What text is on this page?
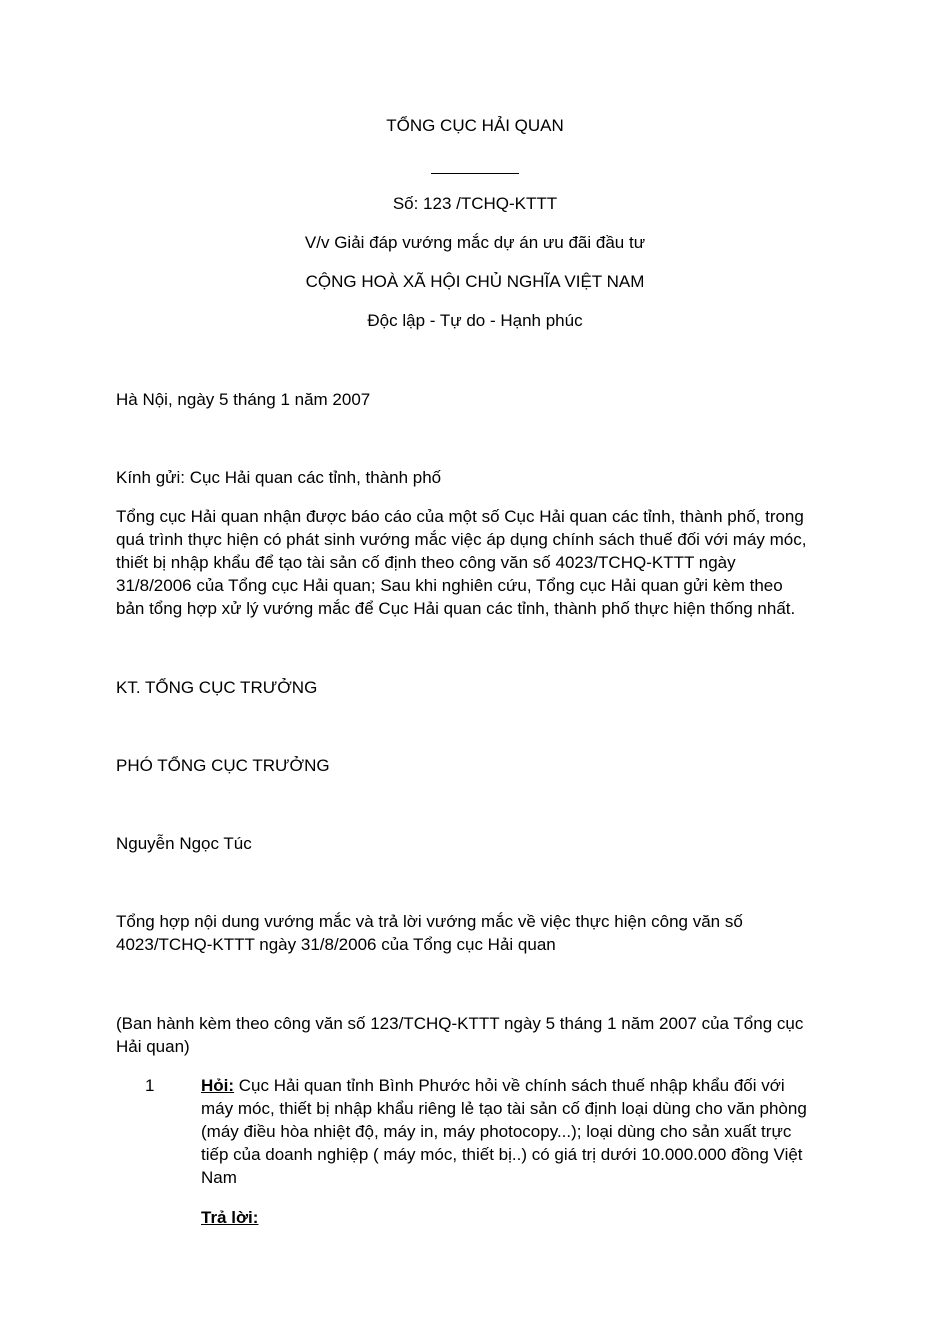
TỔNG CỤC HẢI QUAN
Số: 123 /TCHQ-KTTT
V/v Giải đáp vướng mắc dự án ưu đãi đầu tư
CỘNG HOÀ XÃ HỘI CHỦ NGHĨA VIỆT NAM
Độc lập - Tự do - Hạnh phúc
Hà Nội, ngày 5 tháng 1 năm 2007
Kính gửi: Cục Hải quan các tỉnh, thành phố
Tổng cục Hải quan nhận được báo cáo của một số Cục Hải quan các tỉnh, thành phố, trong
quá trình thực hiện có phát sinh vướng mắc việc áp dụng chính sách thuế đối với máy móc,
thiết bị nhập khẩu để tạo tài sản cố định theo công văn số 4023/TCHQ-KTTT ngày
31/8/2006 của Tổng cục Hải quan; Sau khi nghiên cứu, Tổng cục Hải quan gửi kèm theo
bản tổng hợp xử lý vướng mắc để Cục Hải quan các tỉnh, thành phố thực hiện thống nhất.
KT. TỔNG CỤC TRƯỞNG
PHÓ TỔNG CỤC TRƯỞNG
Nguyễn Ngọc Túc
Tổng hợp nội dung vướng mắc và trả lời vướng mắc về việc thực hiện công văn số
4023/TCHQ-KTTT ngày 31/8/2006 của Tổng cục Hải quan
(Ban hành kèm theo công văn số 123/TCHQ-KTTT ngày 5 tháng 1 năm 2007 của Tổng cục
Hải quan)
1	Hỏi: Cục Hải quan tỉnh Bình Phước hỏi về chính sách thuế nhập khẩu đối với
máy móc, thiết bị nhập khẩu riêng lẻ tạo tài sản cố định loại dùng cho văn phòng
(máy điều hòa nhiệt độ, máy in, máy photocopy...); loại dùng cho sản xuất trực
tiếp của doanh nghiệp ( máy móc, thiết bị..) có giá trị dưới 10.000.000 đồng Việt
Nam
Trả lời:
